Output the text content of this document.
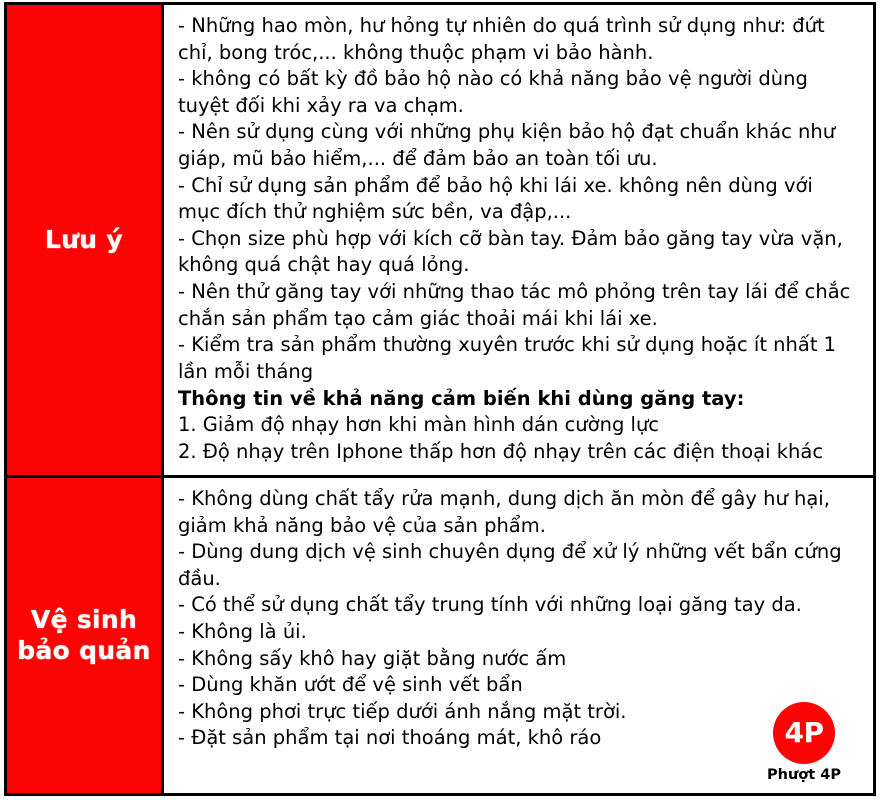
Lưu ý

- Những hao mòn, hư hỏng tự nhiên do quá trình sử dụng như: đứt chỉ, bong tróc,... không thuộc phạm vi bảo hành.

- không có bất kỳ đồ bảo hộ nào có khả năng bảo vệ người dùng tuyệt đối khi xảy ra va chạm.

- Nên sử dụng cùng với những phụ kiện bảo hộ đạt chuẩn khác như giáp, mũ bảo hiểm,... để đảm bảo an toàn tối ưu.

- Chỉ sử dụng sản phẩm để bảo hộ khi lái xe. không nên dùng với mục đích thử nghiệm sức bền, va đập,...

- Chọn size phù hợp với kích cỡ bàn tay. Đảm bảo găng tay vừa vặn, không quá chật hay quá lỏng.

- Nên thử găng tay với những thao tác mô phỏng trên tay lái để chắc chắn sản phẩm tạo cảm giác thoải mái khi lái xe.

- Kiểm tra sản phẩm thường xuyên trước khi sử dụng hoặc ít nhất 1 lần mỗi tháng

Thông tin về khả năng cảm biến khi dùng găng tay:

1. Giảm độ nhạy hơn khi màn hình dán cường lực

2. Độ nhạy trên Iphone thấp hơn độ nhạy trên các điện thoại khác

Vệ sinh bảo quản

- Không dùng chất tẩy rửa mạnh, dung dịch ăn mòn để gây hư hại, giảm khả năng bảo vệ của sản phẩm.

- Dùng dung dịch vệ sinh chuyên dụng để xử lý những vết bẩn cứng đầu.

- Có thể sử dụng chất tẩy trung tính với những loại găng tay da.

- Không là ủi.

- Không sấy khô hay giặt bằng nước ấm

- Dùng khăn ướt để vệ sinh vết bẩn

- Không phơi trực tiếp dưới ánh nắng mặt trời.

- Đặt sản phẩm tại nơi thoáng mát, khô ráo	4P
Phượt 4P
